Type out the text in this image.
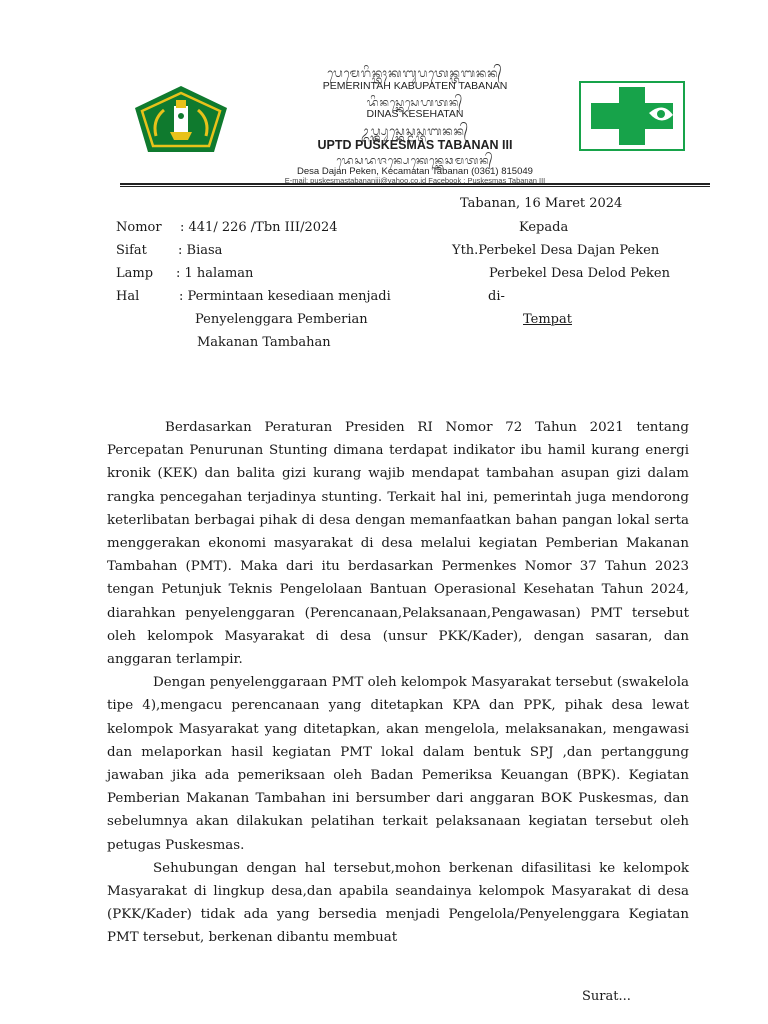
ᬧᬾᬫᬾᬭᬶᬦ᭄ᬢᬄᬓᬩᬸᬧᬢᬾᬦ᭄ᬢᬩᬦᬦ᭄
PEMERINTAH KABUPATEN TABANAN
ᬤᬶᬦᬲ᭄ᬓᬾᬲᬾᬳᬢᬦ᭄
DINAS KESEHATAN
ᬉᬧ᭄ᬢ᭄ᬤ᭄ᬧᬸᬲ᭄ᬓᬾᬲ᭄ᬫᬲ᭄ᬢᬩᬦᬦ᭄
UPTD PUSKESMAS TABANAN III
ᬤᬾᬲᬤᬚᬦ᭄ᬧᬾᬓᬾᬦ᭄ᬓᬾᬘᬫᬢᬦ᭄
Desa Dajan Peken, Kecamatan Tabanan (0361) 815049
E-mail: puskesmastabananiii@yahoo.co.id Facebook : Puskesmas Tabanan III
Tabanan, 16 Maret 2024
Nomor : 441/ 226 /Tbn III/2024
Sifat : Biasa
Lamp : 1 halaman
Hal	: Permintaan kesediaan menjadi
Penyelenggara Pemberian
Makanan Tambahan
Kepada
Yth.Perbekel Desa Dajan Peken
Perbekel Desa Delod Peken
di-
Tempat

Berdasarkan Peraturan Presiden RI Nomor 72 Tahun 2021 tentang Percepatan Penurunan Stunting dimana terdapat indikator ibu hamil kurang energi kronik (KEK) dan balita gizi kurang wajib mendapat tambahan asupan gizi dalam rangka pencegahan terjadinya stunting. Terkait hal ini, pemerintah juga mendorong keterlibatan berbagai pihak di desa dengan memanfaatkan bahan pangan lokal serta menggerakan ekonomi masyarakat di desa melalui kegiatan Pemberian Makanan Tambahan (PMT). Maka dari itu berdasarkan Permenkes Nomor 37 Tahun 2023 tengan Petunjuk Teknis Pengelolaan Bantuan Operasional Kesehatan Tahun 2024, diarahkan penyelenggaran (Perencanaan,Pelaksanaan,Pengawasan) PMT tersebut oleh kelompok Masyarakat di desa (unsur PKK/Kader), dengan sasaran, dan anggaran terlampir.

Dengan penyelenggaraan PMT oleh kelompok Masyarakat tersebut (swakelola tipe 4),mengacu perencanaan yang ditetapkan KPA dan PPK, pihak desa lewat kelompok Masyarakat yang ditetapkan, akan mengelola, melaksanakan, mengawasi dan melaporkan hasil kegiatan PMT lokal dalam bentuk SPJ ,dan pertanggung jawaban jika ada pemeriksaan oleh Badan Pemeriksa Keuangan (BPK). Kegiatan Pemberian Makanan Tambahan ini bersumber dari anggaran BOK Puskesmas, dan sebelumnya akan dilakukan pelatihan terkait pelaksanaan kegiatan tersebut oleh petugas Puskesmas.

Sehubungan dengan hal tersebut,mohon berkenan difasilitasi ke kelompok Masyarakat di lingkup desa,dan apabila seandainya kelompok Masyarakat di desa (PKK/Kader) tidak ada yang bersedia menjadi Pengelola/Penyelenggara Kegiatan PMT tersebut, berkenan dibantu membuat

Surat...
